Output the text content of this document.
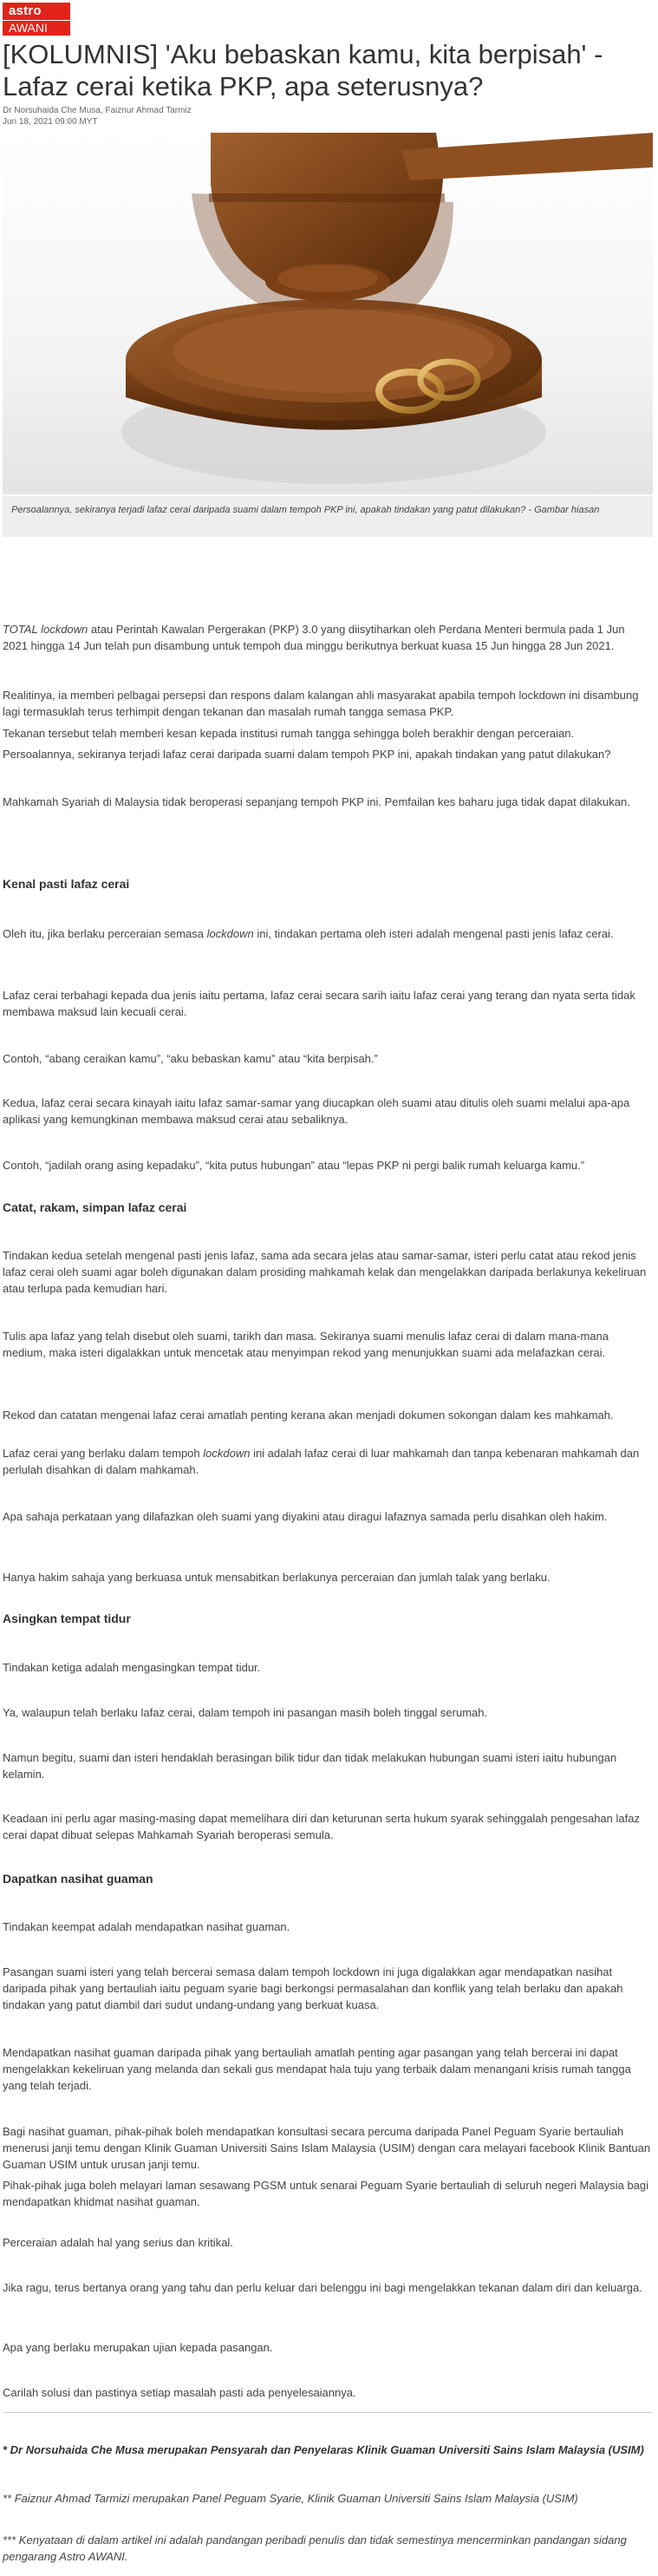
astro
AWANI
[KOLUMNIS] 'Aku bebaskan kamu, kita berpisah' - Lafaz cerai ketika PKP, apa seterusnya?
Dr Norsuhaida Che Musa, Faiznur Ahmad Tarmiz
Jun 18, 2021 09:00 MYT
Persoalannya, sekiranya terjadi lafaz cerai daripada suami dalam tempoh PKP ini, apakah tindakan yang patut dilakukan? - Gambar hiasan
TOTAL lockdown atau Perintah Kawalan Pergerakan (PKP) 3.0 yang diisytiharkan oleh Perdana Menteri bermula pada 1 Jun 2021 hingga 14 Jun telah pun disambung untuk tempoh dua minggu berikutnya berkuat kuasa 15 Jun hingga 28 Jun 2021.
Realitinya, ia memberi pelbagai persepsi dan respons dalam kalangan ahli masyarakat apabila tempoh lockdown ini disambung lagi termasuklah terus terhimpit dengan tekanan dan masalah rumah tangga semasa PKP.
Tekanan tersebut telah memberi kesan kepada institusi rumah tangga sehingga boleh berakhir dengan perceraian.
Persoalannya, sekiranya terjadi lafaz cerai daripada suami dalam tempoh PKP ini, apakah tindakan yang patut dilakukan?
Mahkamah Syariah di Malaysia tidak beroperasi sepanjang tempoh PKP ini. Pemfailan kes baharu juga tidak dapat dilakukan.
Kenal pasti lafaz cerai
Oleh itu, jika berlaku perceraian semasa lockdown ini, tindakan pertama oleh isteri adalah mengenal pasti jenis lafaz cerai.
Lafaz cerai terbahagi kepada dua jenis iaitu pertama, lafaz cerai secara sarih iaitu lafaz cerai yang terang dan nyata serta tidak membawa maksud lain kecuali cerai.
Contoh, “abang ceraikan kamu”, “aku bebaskan kamu” atau “kita berpisah.”
Kedua, lafaz cerai secara kinayah iaitu lafaz samar-samar yang diucapkan oleh suami atau ditulis oleh suami melalui apa-apa aplikasi yang kemungkinan membawa maksud cerai atau sebaliknya.
Contoh, “jadilah orang asing kepadaku”, “kita putus hubungan” atau “lepas PKP ni pergi balik rumah keluarga kamu.”
Catat, rakam, simpan lafaz cerai
Tindakan kedua setelah mengenal pasti jenis lafaz, sama ada secara jelas atau samar-samar, isteri perlu catat atau rekod jenis lafaz cerai oleh suami agar boleh digunakan dalam prosiding mahkamah kelak dan mengelakkan daripada berlakunya kekeliruan atau terlupa pada kemudian hari.
Tulis apa lafaz yang telah disebut oleh suami, tarikh dan masa. Sekiranya suami menulis lafaz cerai di dalam mana-mana medium, maka isteri digalakkan untuk mencetak atau menyimpan rekod yang menunjukkan suami ada melafazkan cerai.
Rekod dan catatan mengenai lafaz cerai amatlah penting kerana akan menjadi dokumen sokongan dalam kes mahkamah.
Lafaz cerai yang berlaku dalam tempoh lockdown ini adalah lafaz cerai di luar mahkamah dan tanpa kebenaran mahkamah dan perlulah disahkan di dalam mahkamah.
Apa sahaja perkataan yang dilafazkan oleh suami yang diyakini atau diragui lafaznya samada perlu disahkan oleh hakim.
Hanya hakim sahaja yang berkuasa untuk mensabitkan berlakunya perceraian dan jumlah talak yang berlaku.
Asingkan tempat tidur
Tindakan ketiga adalah mengasingkan tempat tidur.
Ya, walaupun telah berlaku lafaz cerai, dalam tempoh ini pasangan masih boleh tinggal serumah.
Namun begitu, suami dan isteri hendaklah berasingan bilik tidur dan tidak melakukan hubungan suami isteri iaitu hubungan kelamin.
Keadaan ini perlu agar masing-masing dapat memelihara diri dan keturunan serta hukum syarak sehinggalah pengesahan lafaz cerai dapat dibuat selepas Mahkamah Syariah beroperasi semula.
Dapatkan nasihat guaman
Tindakan keempat adalah mendapatkan nasihat guaman.
Pasangan suami isteri yang telah bercerai semasa dalam tempoh lockdown ini juga digalakkan agar mendapatkan nasihat daripada pihak yang bertauliah iaitu peguam syarie bagi berkongsi permasalahan dan konflik yang telah berlaku dan apakah tindakan yang patut diambil dari sudut undang-undang yang berkuat kuasa.
Mendapatkan nasihat guaman daripada pihak yang bertauliah amatlah penting agar pasangan yang telah bercerai ini dapat mengelakkan kekeliruan yang melanda dan sekali gus mendapat hala tuju yang terbaik dalam menangani krisis rumah tangga yang telah terjadi.
Bagi nasihat guaman, pihak-pihak boleh mendapatkan konsultasi secara percuma daripada Panel Peguam Syarie bertauliah menerusi janji temu dengan Klinik Guaman Universiti Sains Islam Malaysia (USIM) dengan cara melayari facebook Klinik Bantuan Guaman USIM untuk urusan janji temu.
Pihak-pihak juga boleh melayari laman sesawang PGSM untuk senarai Peguam Syarie bertauliah di seluruh negeri Malaysia bagi mendapatkan khidmat nasihat guaman.
Perceraian adalah hal yang serius dan kritikal.
Jika ragu, terus bertanya orang yang tahu dan perlu keluar dari belenggu ini bagi mengelakkan tekanan dalam diri dan keluarga.
Apa yang berlaku merupakan ujian kepada pasangan.
Carilah solusi dan pastinya setiap masalah pasti ada penyelesaiannya.
* Dr Norsuhaida Che Musa merupakan Pensyarah dan Penyelaras Klinik Guaman Universiti Sains Islam Malaysia (USIM)
** Faiznur Ahmad Tarmizi merupakan Panel Peguam Syarie, Klinik Guaman Universiti Sains Islam Malaysia (USIM)
*** Kenyataan di dalam artikel ini adalah pandangan peribadi penulis dan tidak semestinya mencerminkan pandangan sidang pengarang Astro AWANI.
